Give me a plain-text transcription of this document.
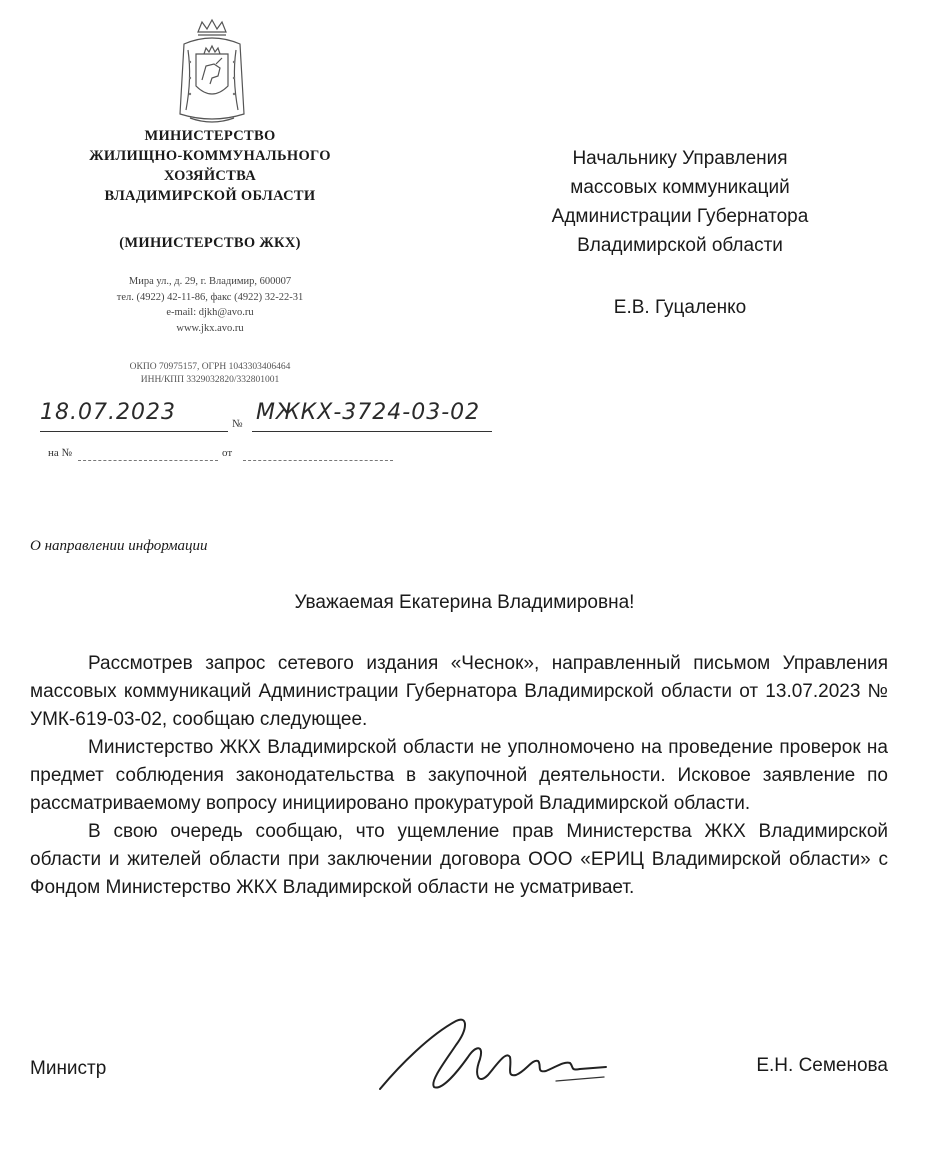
МИНИСТЕРСТВО
ЖИЛИЩНО-КОММУНАЛЬНОГО
ХОЗЯЙСТВА
ВЛАДИМИРСКОЙ ОБЛАСТИ
(МИНИСТЕРСТВО ЖКХ)
Мира ул., д. 29, г. Владимир, 600007
тел. (4922) 42-11-86, факс (4922) 32-22-31
e-mail: djkh@avo.ru
www.jkx.avo.ru
ОКПО 70975157, ОГРН 1043303406464
ИНН/КПП 3329032820/332801001
18.07.2023	№ МЖКХ-3724-03-02
на №	от
Начальнику Управления
массовых коммуникаций
Администрации Губернатора
Владимирской области
Е.В. Гуцаленко
О направлении информации
Уважаемая Екатерина Владимировна!

Рассмотрев запрос сетевого издания «Чеснок», направленный письмом Управления массовых коммуникаций Администрации Губернатора Владимирской области от 13.07.2023 № УМК-619-03-02, сообщаю следующее.

Министерство ЖКХ Владимирской области не уполномочено на проведение проверок на предмет соблюдения законодательства в закупочной деятельности. Исковое заявление по рассматриваемому вопросу инициировано прокуратурой Владимирской области.

В свою очередь сообщаю, что ущемление прав Министерства ЖКХ Владимирской области и жителей области при заключении договора ООО «ЕРИЦ Владимирской области» с Фондом Министерство ЖКХ Владимирской области не усматривает.

Министр	Е.Н. Семенова
